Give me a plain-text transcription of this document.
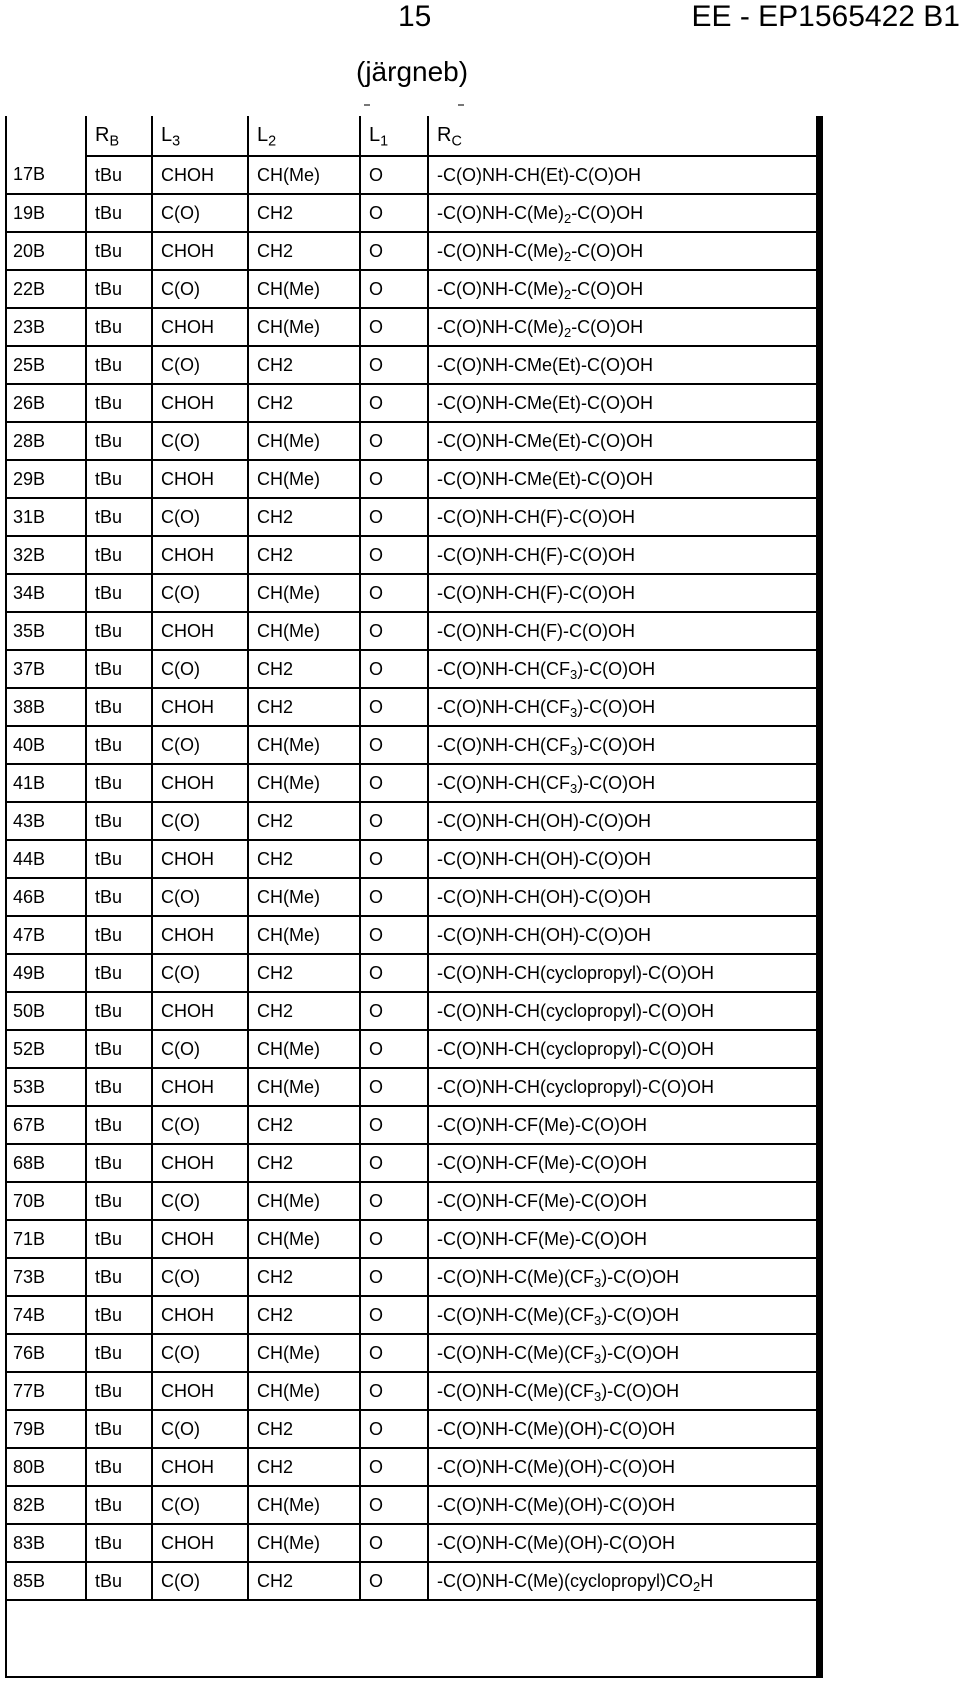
15	EE - EP1565422 B1
(järgneb)
	$R_B$	$L_3$	$L_2$	$L_1$	$R_C$
17B	tBu	CHOH	CH(Me)	O	-C(O)NH-CH(Et)-C(O)OH
19B	tBu	C(O)	CH2	O	$-C(O)NH-C(Me)_2-C(O)OH$
20B	tBu	CHOH	CH2	O	$-C(O)NH-C(Me)_2-C(O)OH$
22B	tBu	C(O)	CH(Me)	O	$-C(O)NH-C(Me)_2-C(O)OH$
23B	tBu	CHOH	CH(Me)	O	$-C(O)NH-C(Me)_2-C(O)OH$
25B	tBu	C(O)	CH2	O	-C(O)NH-CMe(Et)-C(O)OH
26B	tBu	CHOH	CH2	O	-C(O)NH-CMe(Et)-C(O)OH
28B	tBu	C(O)	CH(Me)	O	-C(O)NH-CMe(Et)-C(O)OH
29B	tBu	CHOH	CH(Me)	O	-C(O)NH-CMe(Et)-C(O)OH
31B	tBu	C(O)	CH2	O	-C(O)NH-CH(F)-C(O)OH
32B	tBu	CHOH	CH2	O	-C(O)NH-CH(F)-C(O)OH
34B	tBu	C(O)	CH(Me)	O	-C(O)NH-CH(F)-C(O)OH
35B	tBu	CHOH	CH(Me)	O	-C(O)NH-CH(F)-C(O)OH
37B	tBu	C(O)	CH2	O	$-C(O)NH-CH(CF_3)-C(O)OH$
38B	tBu	CHOH	CH2	O	$-C(O)NH-CH(CF_3)-C(O)OH$
40B	tBu	C(O)	CH(Me)	O	$-C(O)NH-CH(CF_3)-C(O)OH$
41B	tBu	CHOH	CH(Me)	O	$-C(O)NH-CH(CF_3)-C(O)OH$
43B	tBu	C(O)	CH2	O	-C(O)NH-CH(OH)-C(O)OH
44B	tBu	CHOH	CH2	O	-C(O)NH-CH(OH)-C(O)OH
46B	tBu	C(O)	CH(Me)	O	-C(O)NH-CH(OH)-C(O)OH
47B	tBu	CHOH	CH(Me)	O	-C(O)NH-CH(OH)-C(O)OH
49B	tBu	C(O)	CH2	O	-C(O)NH-CH(cyclopropyl)-C(O)OH
50B	tBu	CHOH	CH2	O	-C(O)NH-CH(cyclopropyl)-C(O)OH
52B	tBu	C(O)	CH(Me)	O	-C(O)NH-CH(cyclopropyl)-C(O)OH
53B	tBu	CHOH	CH(Me)	O	-C(O)NH-CH(cyclopropyl)-C(O)OH
67B	tBu	C(O)	CH2	O	-C(O)NH-CF(Me)-C(O)OH
68B	tBu	CHOH	CH2	O	-C(O)NH-CF(Me)-C(O)OH
70B	tBu	C(O)	CH(Me)	O	-C(O)NH-CF(Me)-C(O)OH
71B	tBu	CHOH	CH(Me)	O	-C(O)NH-CF(Me)-C(O)OH
73B	tBu	C(O)	CH2	O	$-C(O)NH-C(Me)(CF_3)-C(O)OH$
74B	tBu	CHOH	CH2	O	$-C(O)NH-C(Me)(CF_3)-C(O)OH$
76B	tBu	C(O)	CH(Me)	O	$-C(O)NH-C(Me)(CF_3)-C(O)OH$
77B	tBu	CHOH	CH(Me)	O	$-C(O)NH-C(Me)(CF_3)-C(O)OH$
79B	tBu	C(O)	CH2	O	-C(O)NH-C(Me)(OH)-C(O)OH
80B	tBu	CHOH	CH2	O	-C(O)NH-C(Me)(OH)-C(O)OH
82B	tBu	C(O)	CH(Me)	O	-C(O)NH-C(Me)(OH)-C(O)OH
83B	tBu	CHOH	CH(Me)	O	-C(O)NH-C(Me)(OH)-C(O)OH
85B	tBu	C(O)	CH2	O	$-C(O)NH-C(Me)(cyclopropyl)CO_2H$
